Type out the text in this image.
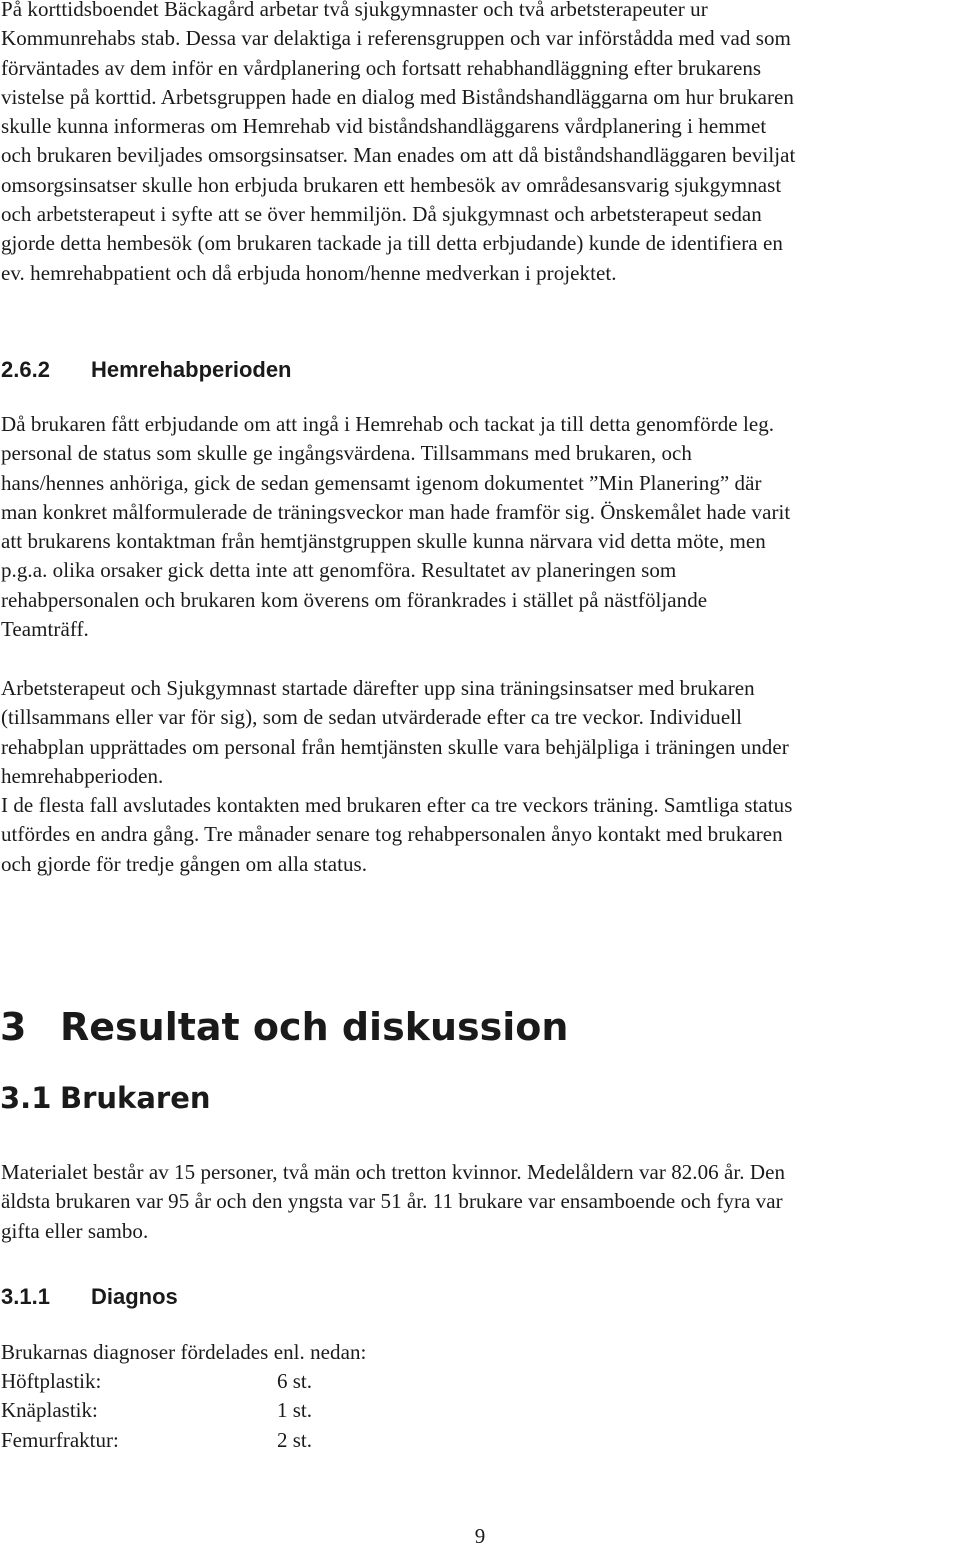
På korttidsboendet Bäckagård arbetar två sjukgymnaster och två arbetsterapeuter ur
Kommunrehabs stab. Dessa var delaktiga i referensgruppen och var införstådda med vad som
förväntades av dem inför en vårdplanering och fortsatt rehabhandläggning efter brukarens
vistelse på korttid. Arbetsgruppen hade en dialog med Biståndshandläggarna om hur brukaren
skulle kunna informeras om Hemrehab vid biståndshandläggarens vårdplanering i hemmet
och brukaren beviljades omsorgsinsatser. Man enades om att då biståndshandläggaren beviljat
omsorgsinsatser skulle hon erbjuda brukaren ett hembesök av områdesansvarig sjukgymnast
och arbetsterapeut i syfte att se över hemmiljön. Då sjukgymnast och arbetsterapeut sedan
gjorde detta hembesök (om brukaren tackade ja till detta erbjudande) kunde de identifiera en
ev. hemrehabpatient och då erbjuda honom/henne medverkan i projektet.

2.6.2 Hemrehabperioden

Då brukaren fått erbjudande om att ingå i Hemrehab och tackat ja till detta genomförde leg.
personal de status som skulle ge ingångsvärdena. Tillsammans med brukaren, och
hans/hennes anhöriga, gick de sedan gemensamt igenom dokumentet ”Min Planering” där
man konkret målformulerade de träningsveckor man hade framför sig. Önskemålet hade varit
att brukarens kontaktman från hemtjänstgruppen skulle kunna närvara vid detta möte, men
p.g.a. olika orsaker gick detta inte att genomföra. Resultatet av planeringen som
rehabpersonalen och brukaren kom överens om förankrades i stället på nästföljande
Teamträff.

Arbetsterapeut och Sjukgymnast startade därefter upp sina träningsinsatser med brukaren
(tillsammans eller var för sig), som de sedan utvärderade efter ca tre veckor. Individuell
rehabplan upprättades om personal från hemtjänsten skulle vara behjälpliga i träningen under
hemrehabperioden.
I de flesta fall avslutades kontakten med brukaren efter ca tre veckors träning. Samtliga status
utfördes en andra gång. Tre månader senare tog rehabpersonalen ånyo kontakt med brukaren
och gjorde för tredje gången om alla status.

3 Resultat och diskussion
3.1 Brukaren

Materialet består av 15 personer, två män och tretton kvinnor. Medelåldern var 82.06 år. Den
äldsta brukaren var 95 år och den yngsta var 51 år. 11 brukare var ensamboende och fyra var
gifta eller sambo.

3.1.1 Diagnos

Brukarnas diagnoser fördelades enl. nedan:

Höftplastik:	6 st.
Knäplastik:	1 st.
Femurfraktur:	2 st.
9
